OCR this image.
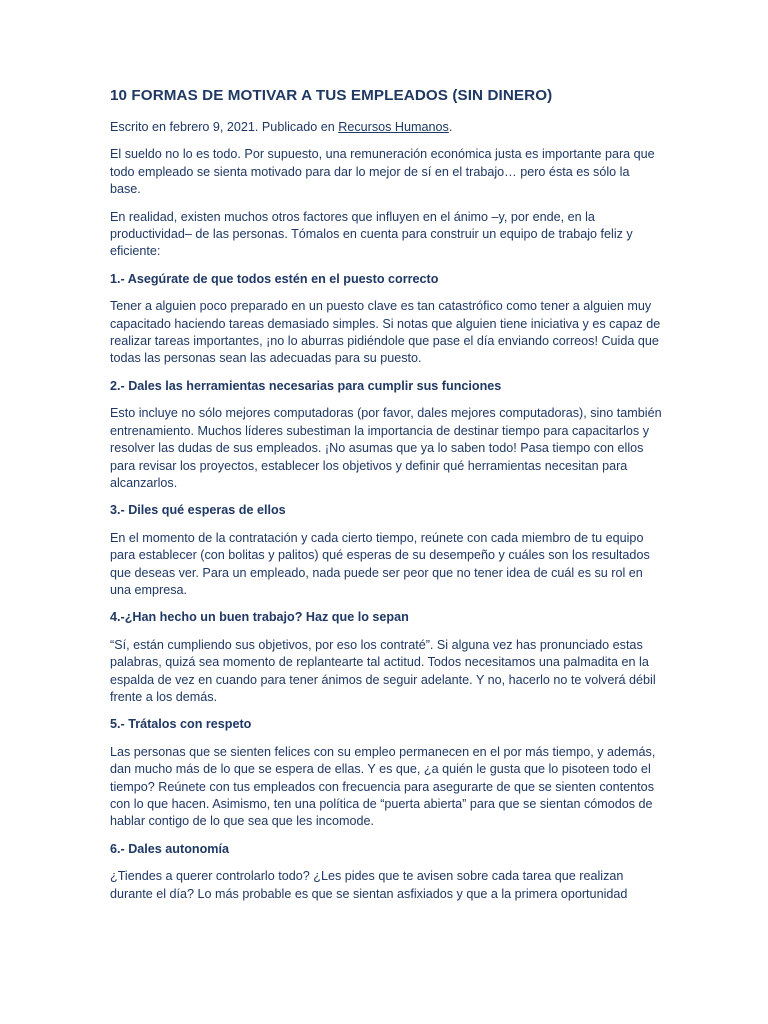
10 FORMAS DE MOTIVAR A TUS EMPLEADOS (SIN DINERO)

Escrito en febrero 9, 2021. Publicado en Recursos Humanos.

El sueldo no lo es todo. Por supuesto, una remuneración económica justa es importante para que todo empleado se sienta motivado para dar lo mejor de sí en el trabajo… pero ésta es sólo la base.

En realidad, existen muchos otros factores que influyen en el ánimo –y, por ende, en la productividad– de las personas. Tómalos en cuenta para construir un equipo de trabajo feliz y eficiente:

1.- Asegúrate de que todos estén en el puesto correcto

Tener a alguien poco preparado en un puesto clave es tan catastrófico como tener a alguien muy capacitado haciendo tareas demasiado simples. Si notas que alguien tiene iniciativa y es capaz de realizar tareas importantes, ¡no lo aburras pidiéndole que pase el día enviando correos! Cuida que todas las personas sean las adecuadas para su puesto.

2.- Dales las herramientas necesarias para cumplir sus funciones

Esto incluye no sólo mejores computadoras (por favor, dales mejores computadoras), sino también entrenamiento. Muchos líderes subestiman la importancia de destinar tiempo para capacitarlos y resolver las dudas de sus empleados. ¡No asumas que ya lo saben todo! Pasa tiempo con ellos para revisar los proyectos, establecer los objetivos y definir qué herramientas necesitan para alcanzarlos.

3.- Diles qué esperas de ellos

En el momento de la contratación y cada cierto tiempo, reúnete con cada miembro de tu equipo para establecer (con bolitas y palitos) qué esperas de su desempeño y cuáles son los resultados que deseas ver. Para un empleado, nada puede ser peor que no tener idea de cuál es su rol en una empresa.

4.-¿Han hecho un buen trabajo? Haz que lo sepan

“Sí, están cumpliendo sus objetivos, por eso los contraté”. Si alguna vez has pronunciado estas palabras, quizá sea momento de replantearte tal actitud. Todos necesitamos una palmadita en la espalda de vez en cuando para tener ánimos de seguir adelante. Y no, hacerlo no te volverá débil frente a los demás.

5.- Trátalos con respeto

Las personas que se sienten felices con su empleo permanecen en el por más tiempo, y además, dan mucho más de lo que se espera de ellas. Y es que, ¿a quién le gusta que lo pisoteen todo el tiempo? Reúnete con tus empleados con frecuencia para asegurarte de que se sienten contentos con lo que hacen. Asimismo, ten una política de “puerta abierta” para que se sientan cómodos de hablar contigo de lo que sea que les incomode.

6.- Dales autonomía

¿Tiendes a querer controlarlo todo? ¿Les pides que te avisen sobre cada tarea que realizan durante el día? Lo más probable es que se sientan asfixiados y que a la primera oportunidad
